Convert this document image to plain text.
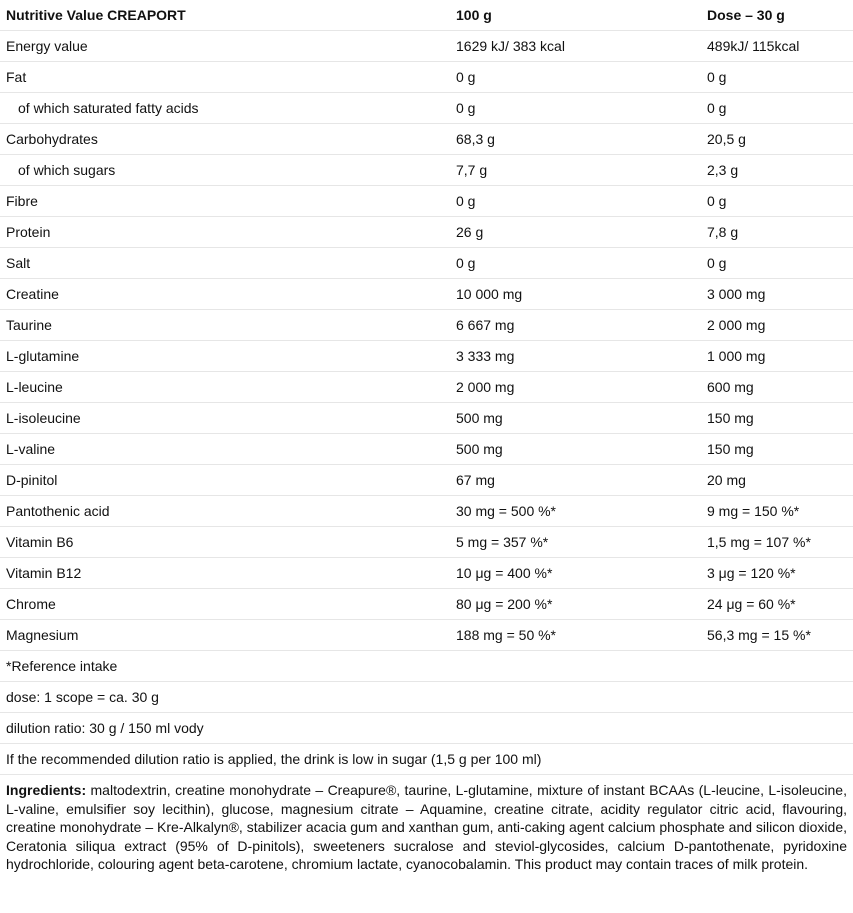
Nutritive Value CREAPORT	100 g	Dose – 30 g
Energy value	1629 kJ/ 383 kcal	489kJ/ 115kcal
Fat	0 g	0 g
of which saturated fatty acids	0 g	0 g
Carbohydrates	68,3 g	20,5 g
of which sugars	7,7 g	2,3 g
Fibre	0 g	0 g
Protein	26 g	7,8 g
Salt	0 g	0 g
Creatine	10 000 mg	3 000 mg
Taurine	6 667 mg	2 000 mg
L-glutamine	3 333 mg	1 000 mg
L-leucine	2 000 mg	600 mg
L-isoleucine	500 mg	150 mg
L-valine	500 mg	150 mg
D-pinitol	67 mg	20 mg
Pantothenic acid	30 mg = 500 %*	9 mg = 150 %*
Vitamin B6	5 mg = 357 %*	1,5 mg = 107 %*
Vitamin B12	10 μg = 400 %*	3 μg = 120 %*
Chrome	80 μg = 200 %*	24 μg = 60 %*
Magnesium	188 mg = 50 %*	56,3 mg = 15 %*
*Reference intake		
dose: 1 scope = ca. 30 g		
dilution ratio: 30 g / 150 ml vody		
If the recommended dilution ratio is applied, the drink is low in sugar (1,5 g per 100 ml)		

Ingredients: maltodextrin, creatine monohydrate – Creapure®, taurine, L-glutamine, mixture of instant BCAAs (L-leucine, L-isoleucine, L-valine, emulsifier soy lecithin), glucose, magnesium citrate – Aquamine, creatine citrate, acidity regulator citric acid, flavouring, creatine monohydrate – Kre-Alkalyn®, stabilizer acacia gum and xanthan gum, anti-caking agent calcium phosphate and silicon dioxide, Ceratonia siliqua extract (95% of D-pinitols), sweeteners sucralose and steviol-glycosides, calcium D-pantothenate, pyridoxine hydrochloride, colouring agent beta-carotene, chromium lactate, cyanocobalamin. This product may contain traces of milk protein.
